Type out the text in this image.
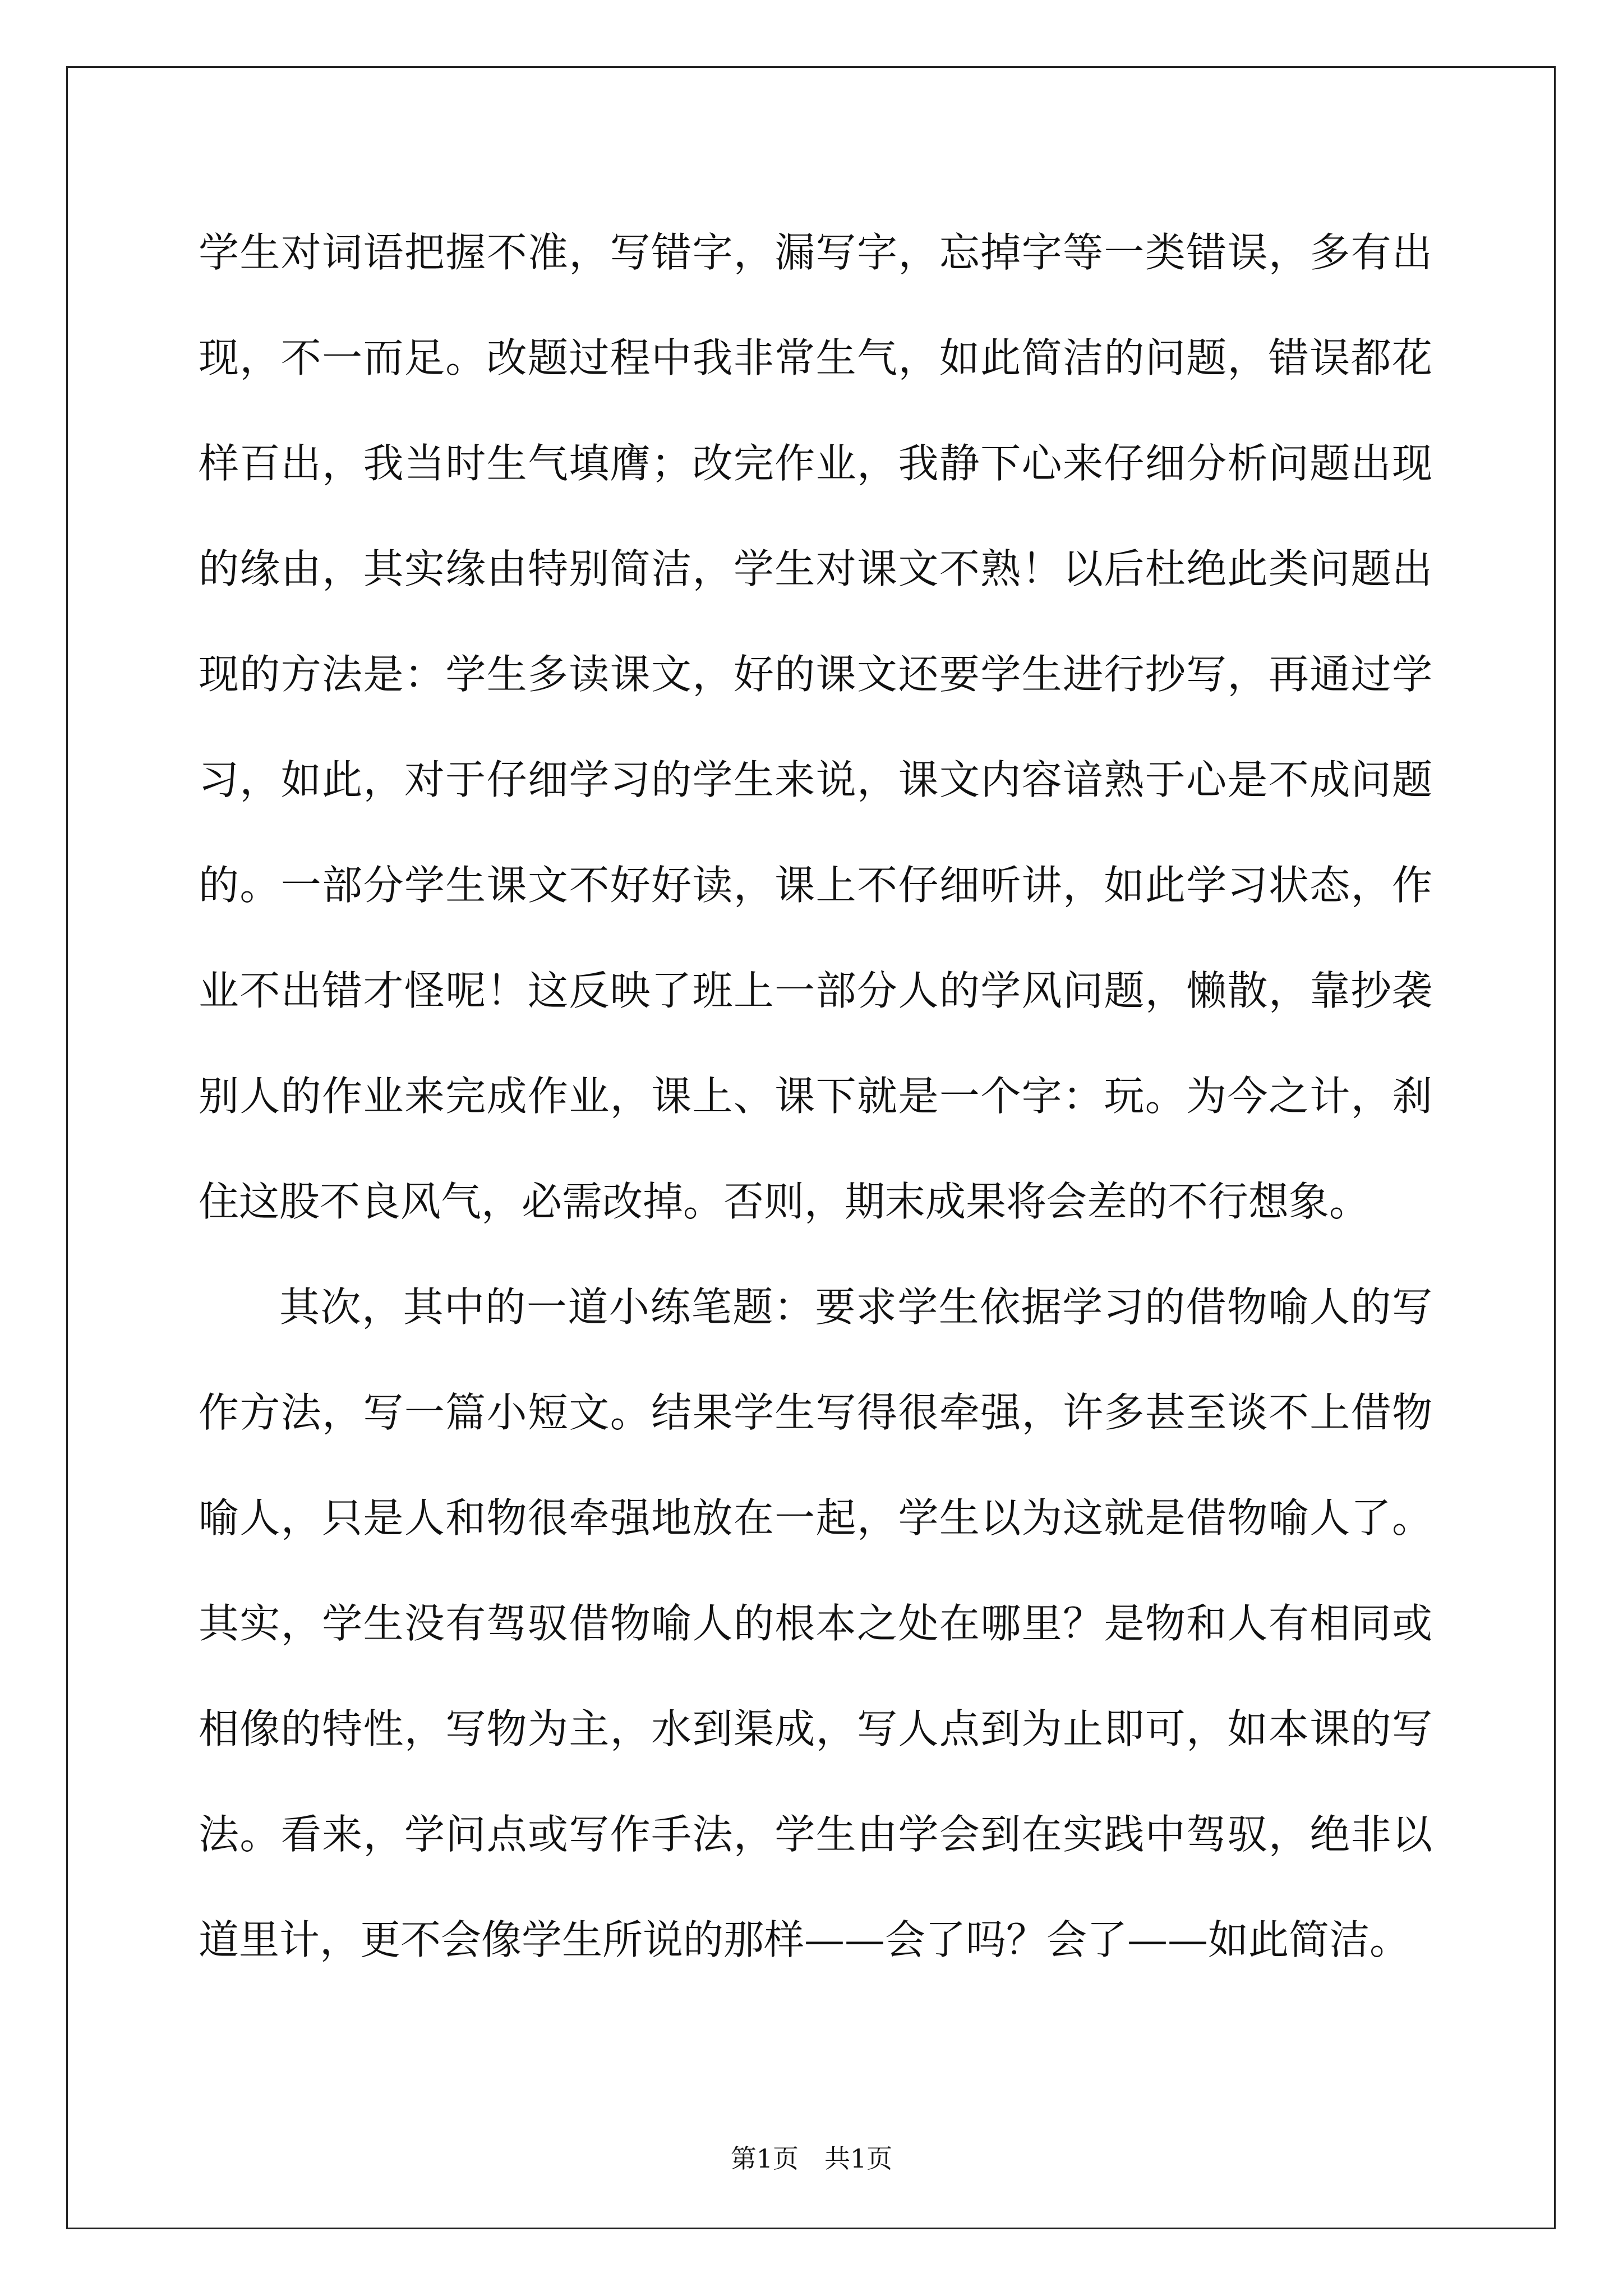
学生对词语把握不准，写错字，漏写字，忘掉字等一类错误，多有出
现，不一而足。改题过程中我非常生气，如此简洁的问题，错误都花
样百出，我当时生气填膺；改完作业，我静下心来仔细分析问题出现
的缘由，其实缘由特别简洁，学生对课文不熟！以后杜绝此类问题出
现的方法是：学生多读课文，好的课文还要学生进行抄写，再通过学
习，如此，对于仔细学习的学生来说，课文内容谙熟于心是不成问题
的。一部分学生课文不好好读，课上不仔细听讲，如此学习状态，作
业不出错才怪呢！这反映了班上一部分人的学风问题，懒散，靠抄袭
别人的作业来完成作业，课上、课下就是一个字：玩。为今之计，刹
住这股不良风气，必需改掉。否则，期末成果将会差的不行想象。
其次，其中的一道小练笔题：要求学生依据学习的借物喻人的写
作方法，写一篇小短文。结果学生写得很牵强，许多甚至谈不上借物
喻人，只是人和物很牵强地放在一起，学生以为这就是借物喻人了。
其实，学生没有驾驭借物喻人的根本之处在哪里？是物和人有相同或
相像的特性，写物为主，水到渠成，写人点到为止即可，如本课的写
法。看来，学问点或写作手法，学生由学会到在实践中驾驭，绝非以
道里计，更不会像学生所说的那样——会了吗？会了——如此简洁。
第1页 共1页
